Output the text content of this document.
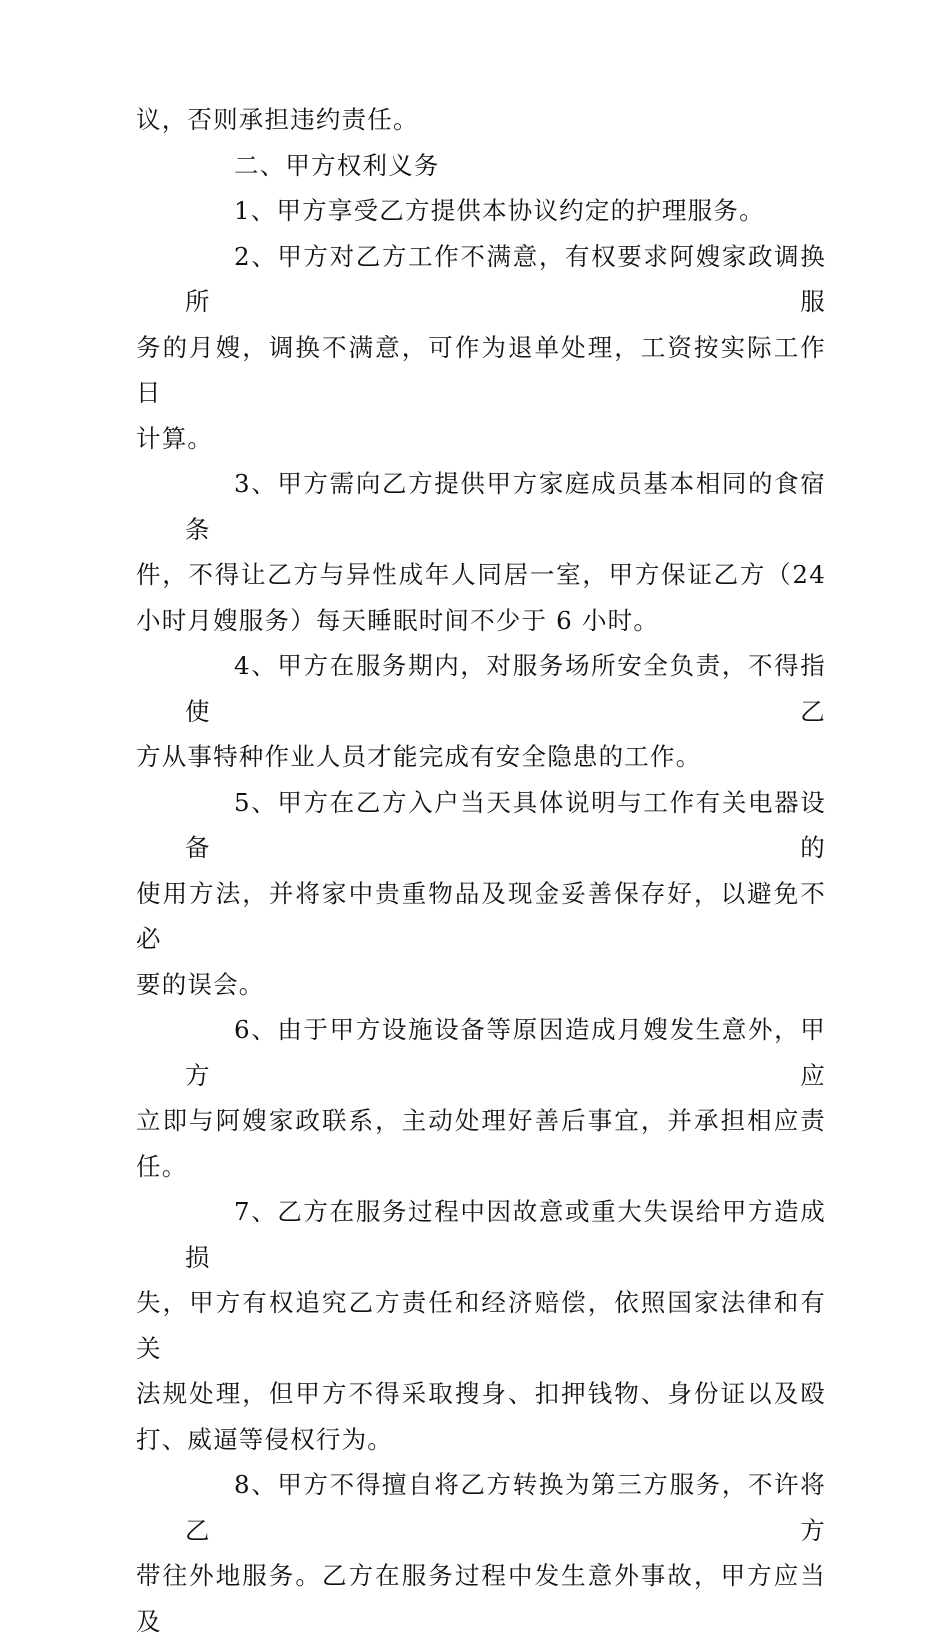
议，否则承担违约责任。
二、甲方权利义务
1、甲方享受乙方提供本协议约定的护理服务。
2、甲方对乙方工作不满意，有权要求阿嫂家政调换所服
务的月嫂，调换不满意，可作为退单处理，工资按实际工作日
计算。
3、甲方需向乙方提供甲方家庭成员基本相同的食宿条
件，不得让乙方与异性成年人同居一室，甲方保证乙方（24
小时月嫂服务）每天睡眠时间不少于 6 小时。
4、甲方在服务期内，对服务场所安全负责，不得指使乙
方从事特种作业人员才能完成有安全隐患的工作。
5、甲方在乙方入户当天具体说明与工作有关电器设备的
使用方法，并将家中贵重物品及现金妥善保存好，以避免不必
要的误会。
6、由于甲方设施设备等原因造成月嫂发生意外，甲方应
立即与阿嫂家政联系，主动处理好善后事宜，并承担相应责
任。
7、乙方在服务过程中因故意或重大失误给甲方造成损
失，甲方有权追究乙方责任和经济赔偿，依照国家法律和有关
法规处理，但甲方不得采取搜身、扣押钱物、身份证以及殴
打、威逼等侵权行为。
8、甲方不得擅自将乙方转换为第三方服务，不许将乙方
带往外地服务。乙方在服务过程中发生意外事故，甲方应当及
